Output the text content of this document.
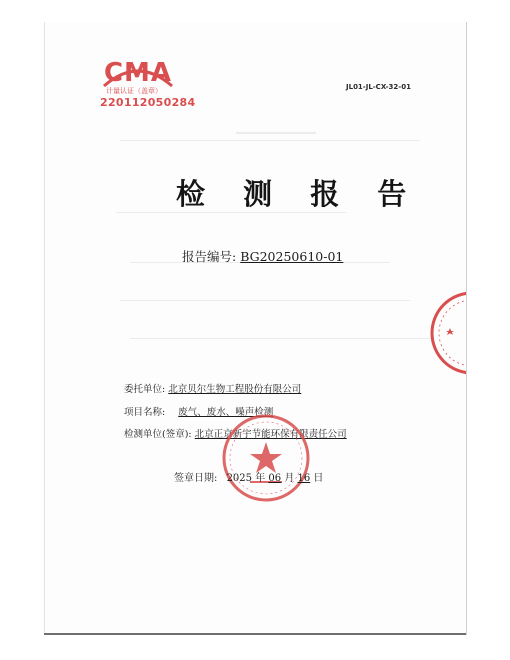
CMA
计量认证（盖章）
220112050284
JL01-JL-CX-32-01
检 测 报 告
报告编号: BG20250610-01
委托单位: 北京贝尔生物工程股份有限公司
项目名称: 废气、废水、噪声检测
检测单位(签章): 北京正京新宇节能环保有限责任公司
签章日期: 2025 年 06 月 16 日
